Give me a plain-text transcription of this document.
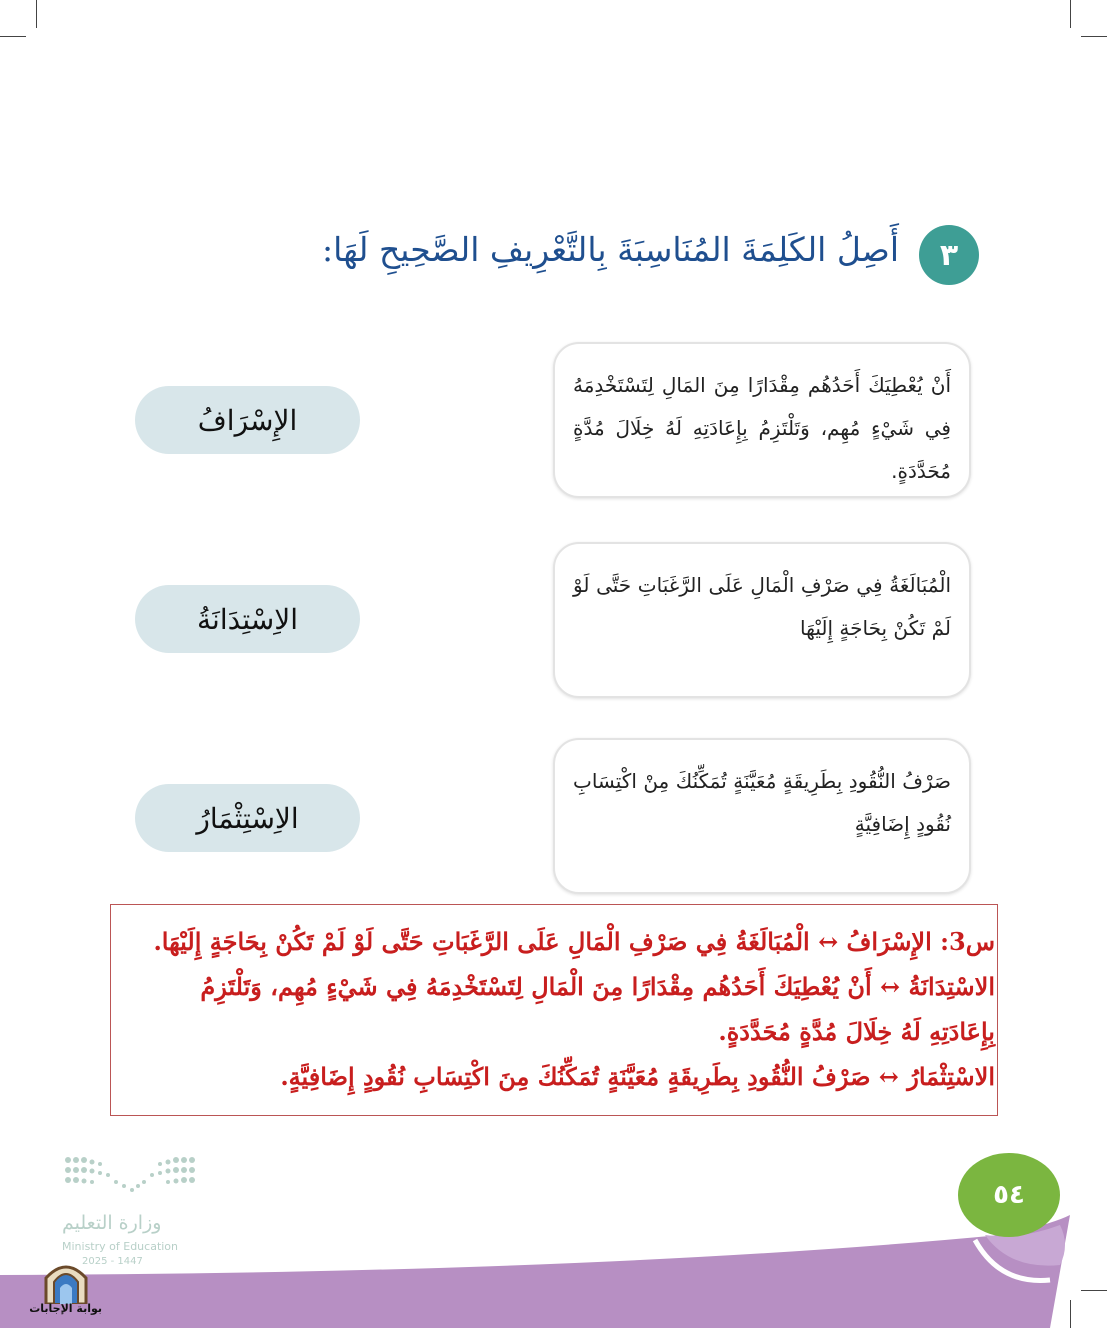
٣
أَصِلُ الكَلِمَةَ المُنَاسِبَةَ بِالتَّعْرِيفِ الصَّحِيحِ لَهَا:
الإِسْرَافُ
الاِسْتِدَانَةُ
الاِسْتِثْمَارُ
أَنْ يُعْطِيَكَ أَحَدُهُم مِقْدَارًا مِنَ المَالِ لِتَسْتَخْدِمَهُ فِي شَيْءٍ مُهِم، وَتَلْتَزِمُ بِإِعَادَتِهِ لَهُ خِلَالَ مُدَّةٍ مُحَدَّدَةٍ.
الْمُبَالَغَةُ فِي صَرْفِ الْمَالِ عَلَى الرَّغَبَاتِ حَتَّى لَوْ لَمْ تَكُنْ بِحَاجَةٍ إِلَيْهَا
صَرْفُ النُّقُودِ بِطَرِيقَةٍ مُعَيَّنَةٍ تُمَكِّنُكَ مِنْ اكْتِسَابِ نُقُودٍ إِضَافِيَّةٍ
س3: الإِسْرَافُ ↔ الْمُبَالَغَةُ فِي صَرْفِ الْمَالِ عَلَى الرَّغَبَاتِ حَتَّى لَوْ لَمْ تَكُنْ بِحَاجَةٍ إِلَيْهَا.
الاسْتِدَانَةُ ↔ أَنْ يُعْطِيَكَ أَحَدُهُم مِقْدَارًا مِنَ الْمَالِ لِتَسْتَخْدِمَهُ فِي شَيْءٍ مُهِم، وَتَلْتَزِمُ
بِإِعَادَتِهِ لَهُ خِلَالَ مُدَّةٍ مُحَدَّدَةٍ.
الاسْتِثْمَارُ ↔ صَرْفُ النُّقُودِ بِطَرِيقَةٍ مُعَيَّنَةٍ تُمَكِّنُكَ مِنَ اكْتِسَابِ نُقُودٍ إِضَافِيَّةٍ.
٥٤
وزارة التعليم
Ministry of Education
2025 - 1447
بوابة الإجابات
